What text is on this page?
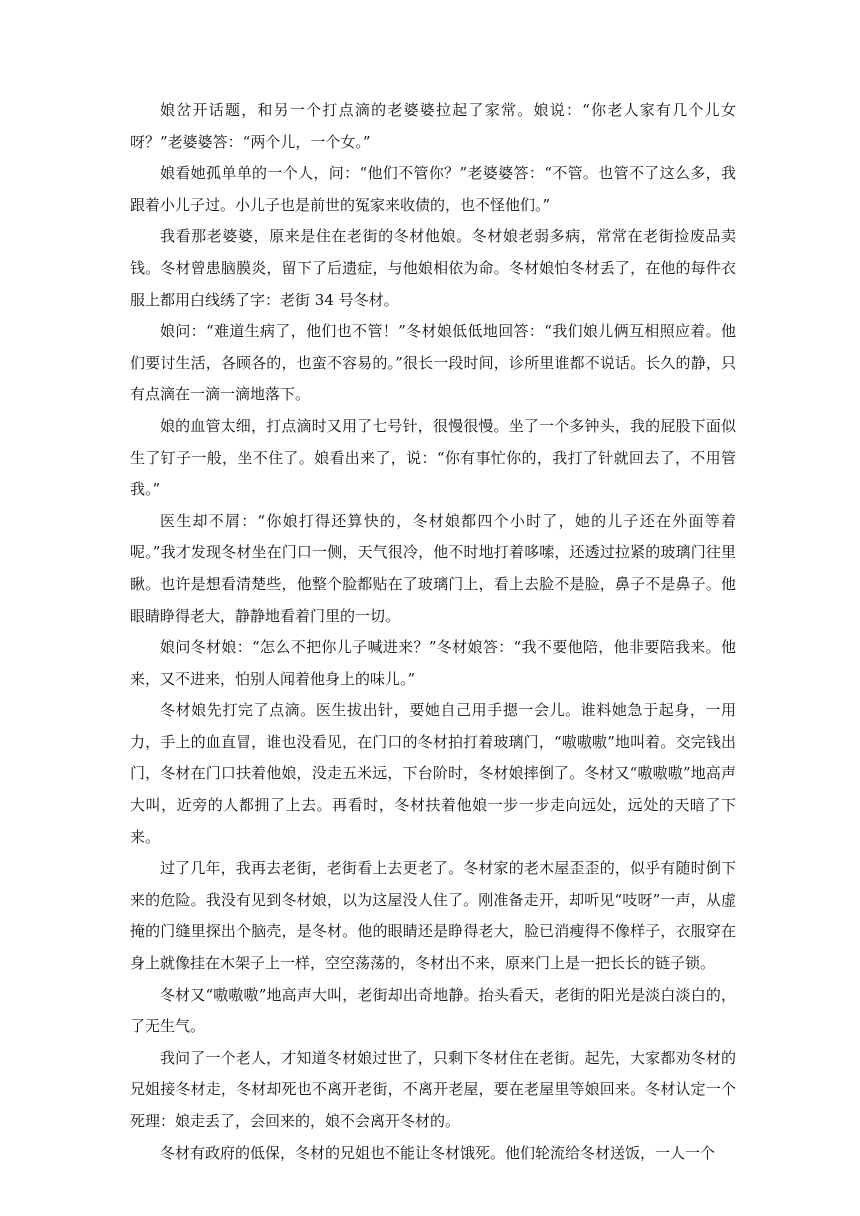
娘岔开话题，和另一个打点滴的老婆婆拉起了家常。娘说：“你老人家有几个儿女呀？”老婆婆答：“两个儿，一个女。”

娘看她孤单单的一个人，问：“他们不管你？”老婆婆答：“不管。也管不了这么多，我跟着小儿子过。小儿子也是前世的冤家来收债的，也不怪他们。”

我看那老婆婆，原来是住在老街的冬材他娘。冬材娘老弱多病，常常在老街捡废品卖钱。冬材曾患脑膜炎，留下了后遗症，与他娘相依为命。冬材娘怕冬材丢了，在他的每件衣服上都用白线绣了字：老街 34 号冬材。

娘问：“难道生病了，他们也不管！”冬材娘低低地回答：“我们娘儿俩互相照应着。他们要讨生活，各顾各的，也蛮不容易的。”很长一段时间，诊所里谁都不说话。长久的静，只有点滴在一滴一滴地落下。

娘的血管太细，打点滴时又用了七号针，很慢很慢。坐了一个多钟头，我的屁股下面似生了钉子一般，坐不住了。娘看出来了，说：“你有事忙你的，我打了针就回去了，不用管我。”

医生却不屑：“你娘打得还算快的，冬材娘都四个小时了，她的儿子还在外面等着呢。”我才发现冬材坐在门口一侧，天气很冷，他不时地打着哆嗦，还透过拉紧的玻璃门往里瞅。也许是想看清楚些，他整个脸都贴在了玻璃门上，看上去脸不是脸，鼻子不是鼻子。他眼睛睁得老大，静静地看着门里的一切。

娘问冬材娘：“怎么不把你儿子喊进来？”冬材娘答：“我不要他陪，他非要陪我来。他来，又不进来，怕别人闻着他身上的味儿。”

冬材娘先打完了点滴。医生拔出针，要她自己用手摁一会儿。谁料她急于起身，一用力，手上的血直冒，谁也没看见，在门口的冬材拍打着玻璃门，“嗷嗷嗷”地叫着。交完钱出门，冬材在门口扶着他娘，没走五米远，下台阶时，冬材娘摔倒了。冬材又“嗷嗷嗷”地高声大叫，近旁的人都拥了上去。再看时，冬材扶着他娘一步一步走向远处，远处的天暗了下来。

过了几年，我再去老街，老街看上去更老了。冬材家的老木屋歪歪的，似乎有随时倒下来的危险。我没有见到冬材娘，以为这屋没人住了。刚准备走开，却听见“吱呀”一声，从虚掩的门缝里探出个脑壳，是冬材。他的眼睛还是睁得老大，脸已消瘦得不像样子，衣服穿在身上就像挂在木架子上一样，空空荡荡的，冬材出不来，原来门上是一把长长的链子锁。

冬材又“嗷嗷嗷”地高声大叫，老街却出奇地静。抬头看天，老街的阳光是淡白淡白的，了无生气。

我问了一个老人，才知道冬材娘过世了，只剩下冬材住在老街。起先，大家都劝冬材的兄姐接冬材走，冬材却死也不离开老街，不离开老屋，要在老屋里等娘回来。冬材认定一个死理：娘走丢了，会回来的，娘不会离开冬材的。

冬材有政府的低保，冬材的兄姐也不能让冬材饿死。他们轮流给冬材送饭，一人一个
